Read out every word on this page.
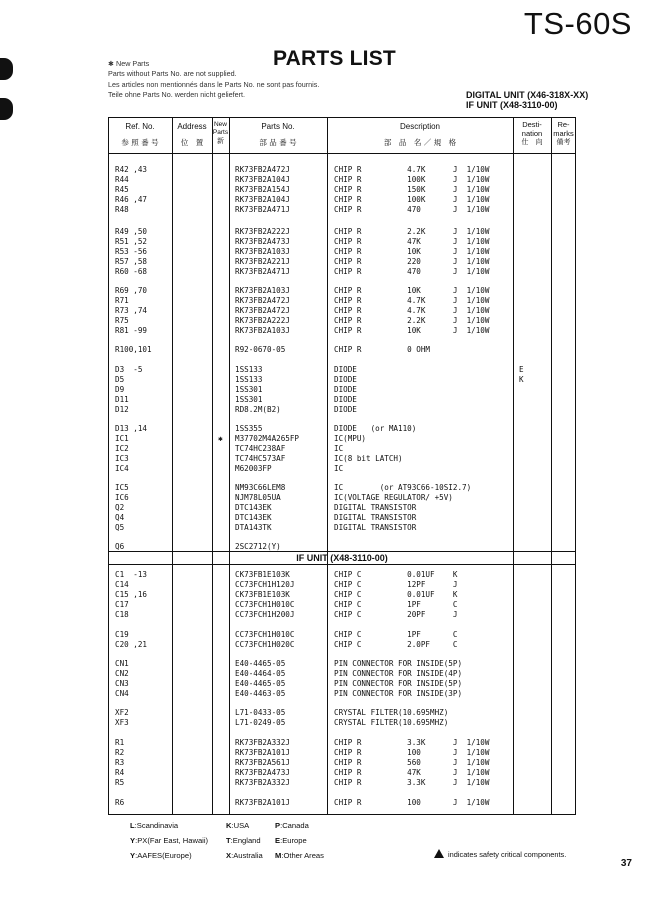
TS-60S
PARTS LIST
✱ New Parts
Parts without Parts No. are not supplied.
Les articles non mentionnés dans le Parts No. ne sont pas fournis.
Teile ohne Parts No. werden nicht geliefert.	DIGITAL UNIT (X46-318X-XX)
IF UNIT (X48-3110-00)
Ref. No.
参 照 番 号
Address
位　置
New
Parts
新
Parts No.
部 品 番 号
Description
部　品　名 ／ 規　格
Desti-
nation
仕　向
Re-
marks
備考
IF UNIT (X48-3110-00)
R42 ,43	RK73FB2A472J	CHIP R          4.7K      J  1/10W
R44	RK73FB2A104J	CHIP R          100K      J  1/10W
R45	RK73FB2A154J	CHIP R          150K      J  1/10W
R46 ,47	RK73FB2A104J	CHIP R          100K      J  1/10W
R48	RK73FB2A471J	CHIP R          470       J  1/10W
R49 ,50	RK73FB2A222J	CHIP R          2.2K      J  1/10W
R51 ,52	RK73FB2A473J	CHIP R          47K       J  1/10W
R53 -56	RK73FB2A103J	CHIP R          10K       J  1/10W
R57 ,58	RK73FB2A221J	CHIP R          220       J  1/10W
R60 -68	RK73FB2A471J	CHIP R          470       J  1/10W
R69 ,70	RK73FB2A103J	CHIP R          10K       J  1/10W
R71	RK73FB2A472J	CHIP R          4.7K      J  1/10W
R73 ,74	RK73FB2A472J	CHIP R          4.7K      J  1/10W
R75	RK73FB2A222J	CHIP R          2.2K      J  1/10W
R81 -99	RK73FB2A103J	CHIP R          10K       J  1/10W
R100,101	R92-0670-05	CHIP R          0 OHM
D3  -5	1SS133	DIODE	E
D5	1SS133	DIODE	K
D9	1SS301	DIODE
D11	1SS301	DIODE
D12	RD8.2M(B2)	DIODE
D13 ,14	1SS355	DIODE   (or MA110)
IC1	✱ M37702M4A265FP	IC(MPU)
IC2	TC74HC238AF	IC
IC3	TC74HC573AF	IC(8 bit LATCH)
IC4	M62003FP	IC
IC5	NM93C66LEM8	IC        (or AT93C66-10SI2.7)
IC6	NJM78L05UA	IC(VOLTAGE REGULATOR/ +5V)
Q2	DTC143EK	DIGITAL TRANSISTOR
Q4	DTC143EK	DIGITAL TRANSISTOR
Q5	DTA143TK	DIGITAL TRANSISTOR
Q6	2SC2712(Y)
C1  -13	CK73FB1E103K	CHIP C          0.01UF    K
C14	CC73FCH1H120J	CHIP C          12PF      J
C15 ,16	CK73FB1E103K	CHIP C          0.01UF    K
C17	CC73FCH1H010C	CHIP C          1PF       C
C18	CC73FCH1H200J	CHIP C          20PF      J
C19	CC73FCH1H010C	CHIP C          1PF       C
C20 ,21	CC73FCH1H020C	CHIP C          2.0PF     C
CN1	E40-4465-05	PIN CONNECTOR FOR INSIDE(5P)
CN2	E40-4464-05	PIN CONNECTOR FOR INSIDE(4P)
CN3	E40-4465-05	PIN CONNECTOR FOR INSIDE(5P)
CN4	E40-4463-05	PIN CONNECTOR FOR INSIDE(3P)
XF2	L71-0433-05	CRYSTAL FILTER(10.695MHZ)
XF3	L71-0249-05	CRYSTAL FILTER(10.695MHZ)
R1	RK73FB2A332J	CHIP R          3.3K      J  1/10W
R2	RK73FB2A101J	CHIP R          100       J  1/10W
R3	RK73FB2A561J	CHIP R          560       J  1/10W
R4	RK73FB2A473J	CHIP R          47K       J  1/10W
R5	RK73FB2A332J	CHIP R          3.3K      J  1/10W
R6	RK73FB2A101J	CHIP R          100       J  1/10W
L:Scandinavia
Y:PX(Far East, Hawaii)
Y:AAFES(Europe)
K:USA
T:England
X:Australia
P:Canada
E:Europe
M:Other Areas	indicates safety critical components.
37
